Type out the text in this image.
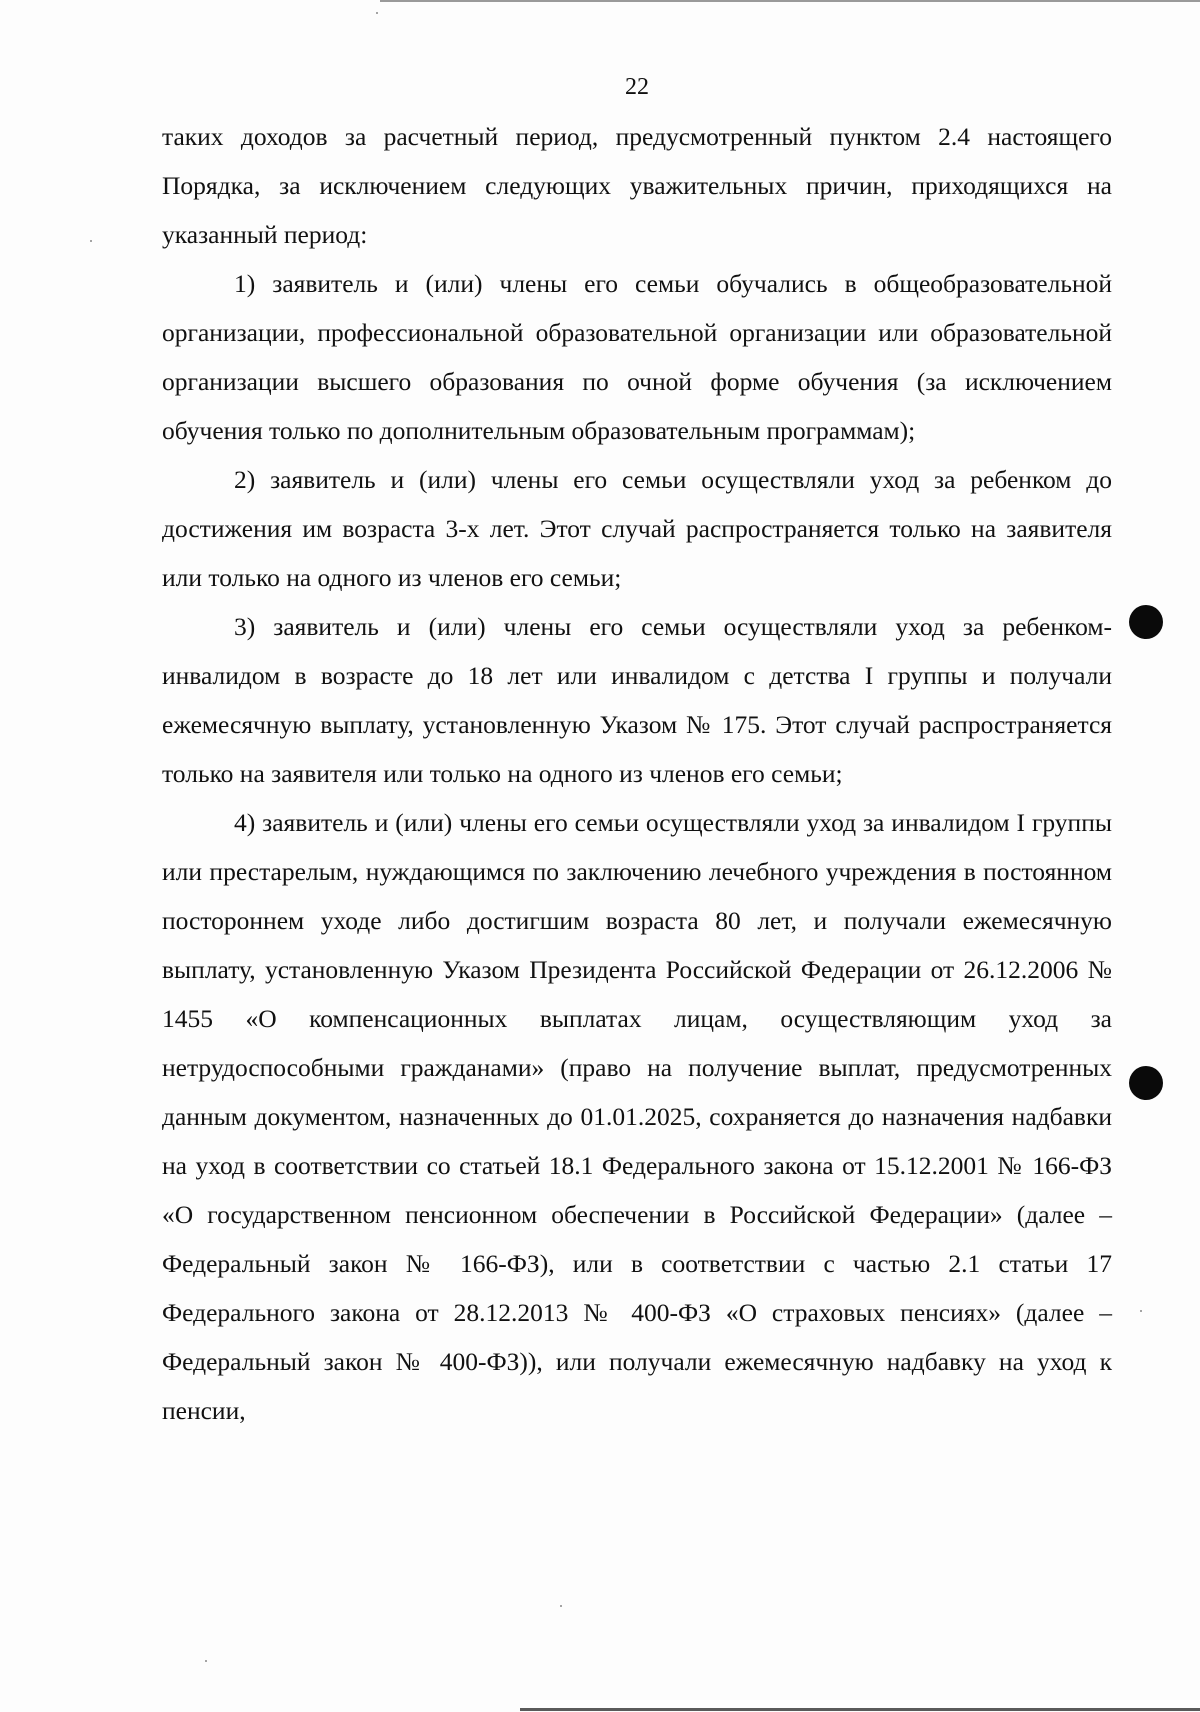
22

таких доходов за расчетный период, предусмотренный пунктом 2.4 настоящего Порядка, за исключением следующих уважительных причин, приходящихся на указанный период:

1) заявитель и (или) члены его семьи обучались в общеобразовательной организации, профессиональной образовательной организации или образовательной организации высшего образования по очной форме обучения (за исключением обучения только по дополнительным образовательным программам);

2) заявитель и (или) члены его семьи осуществляли уход за ребенком до достижения им возраста 3-х лет. Этот случай распространяется только на заявителя или только на одного из членов его семьи;

3) заявитель и (или) члены его семьи осуществляли уход за ребенком-инвалидом в возрасте до 18 лет или инвалидом с детства I группы и получали ежемесячную выплату, установленную Указом № 175. Этот случай распространяется только на заявителя или только на одного из членов его семьи;

4) заявитель и (или) члены его семьи осуществляли уход за инвалидом I группы или престарелым, нуждающимся по заключению лечебного учреждения в постоянном постороннем уходе либо достигшим возраста 80 лет, и получали ежемесячную выплату, установленную Указом Президента Российской Федерации от 26.12.2006 № 1455 «О компенсационных выплатах лицам, осуществляющим уход за нетрудоспособными гражданами» (право на получение выплат, предусмотренных данным документом, назначенных до 01.01.2025, сохраняется до назначения надбавки на уход в соответствии со статьей 18.1 Федерального закона от 15.12.2001 № 166-ФЗ «О государственном пенсионном обеспечении в Российской Федерации» (далее – Федеральный закон № 166-ФЗ), или в соответствии с частью 2.1 статьи 17 Федерального закона от 28.12.2013 № 400-ФЗ «О страховых пенсиях» (далее – Федеральный закон № 400-ФЗ)), или получали ежемесячную надбавку на уход к пенсии,
